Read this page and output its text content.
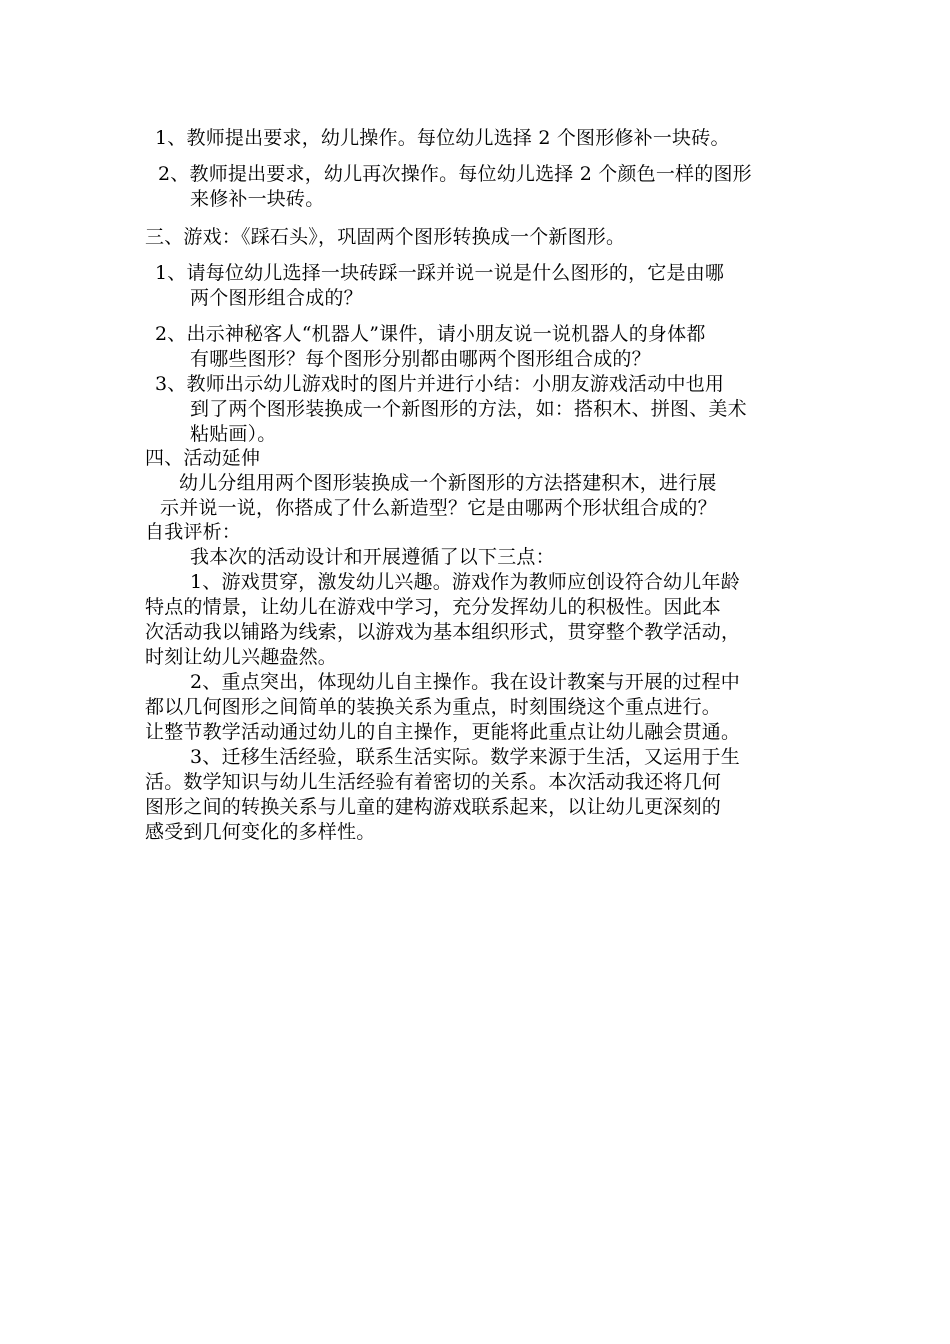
1、教师提出要求，幼儿操作。每位幼儿选择 2 个图形修补一块砖。
2、教师提出要求，幼儿再次操作。每位幼儿选择 2 个颜色一样的图形
来修补一块砖。
三、游戏：《踩石头》，巩固两个图形转换成一个新图形。
1、请每位幼儿选择一块砖踩一踩并说一说是什么图形的，它是由哪
两个图形组合成的？
2、出示神秘客人“机器人”课件，请小朋友说一说机器人的身体都
有哪些图形？每个图形分别都由哪两个图形组合成的？
3、教师出示幼儿游戏时的图片并进行小结：小朋友游戏活动中也用
到了两个图形装换成一个新图形的方法，如：搭积木、拼图、美术
粘贴画）。
四、活动延伸
幼儿分组用两个图形装换成一个新图形的方法搭建积木，进行展
示并说一说，你搭成了什么新造型？它是由哪两个形状组合成的？
自我评析：
我本次的活动设计和开展遵循了以下三点：
1、游戏贯穿，激发幼儿兴趣。游戏作为教师应创设符合幼儿年龄
特点的情景，让幼儿在游戏中学习，充分发挥幼儿的积极性。因此本
次活动我以铺路为线索，以游戏为基本组织形式，贯穿整个教学活动，
时刻让幼儿兴趣盎然。
2、重点突出，体现幼儿自主操作。我在设计教案与开展的过程中
都以几何图形之间简单的装换关系为重点，时刻围绕这个重点进行。
让整节教学活动通过幼儿的自主操作，更能将此重点让幼儿融会贯通。
3、迁移生活经验，联系生活实际。数学来源于生活，又运用于生
活。数学知识与幼儿生活经验有着密切的关系。本次活动我还将几何
图形之间的转换关系与儿童的建构游戏联系起来，以让幼儿更深刻的
感受到几何变化的多样性。
